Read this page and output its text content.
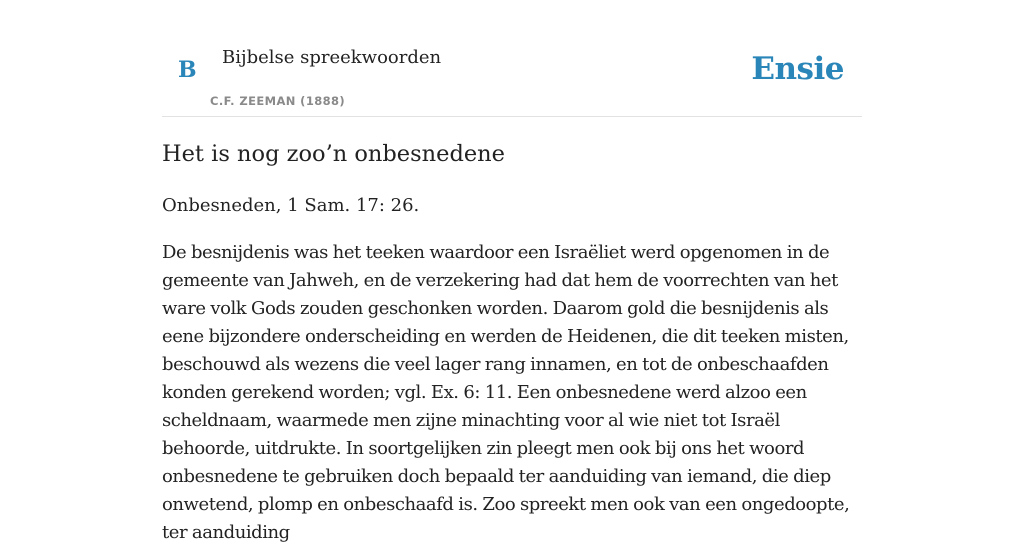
B Bijbelse spreekwoorden
C.F. ZEEMAN (1888)
Ensie
Het is nog zoo’n onbesnedene

Onbesneden, 1 Sam. 17: 26.

De besnijdenis was het teeken waardoor een Israëliet werd opgenomen in de gemeente van Jahweh, en de verzekering had dat hem de voorrechten van het ware volk Gods zouden geschonken worden. Daarom gold die besnijdenis als eene bijzondere onderscheiding en werden de Heidenen, die dit teeken misten, beschouwd als wezens die veel lager rang innamen, en tot de onbeschaafden konden gerekend worden; vgl. Ex. 6: 11. Een onbesnedene werd alzoo een scheldnaam, waarmede men zijne minachting voor al wie niet tot Israël behoorde, uitdrukte. In soortgelijken zin pleegt men ook bij ons het woord onbesnedene te gebruiken doch bepaald ter aanduiding van iemand, die diep onwetend, plomp en onbeschaafd is. Zoo spreekt men ook van een ongedoopte, ter aanduiding
